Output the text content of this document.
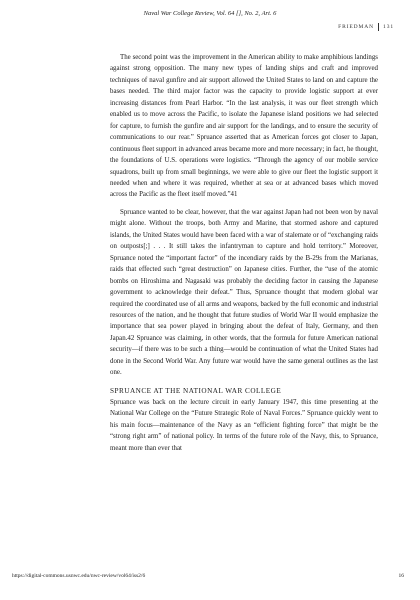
Naval War College Review, Vol. 64 [], No. 2, Art. 6
FRIEDMAN 131

The second point was the improvement in the American ability to make amphibious landings against strong opposition. The many new types of landing ships and craft and improved techniques of naval gunfire and air support allowed the United States to land on and capture the bases needed. The third major factor was the capacity to provide logistic support at ever increasing distances from Pearl Harbor. “In the last analysis, it was our fleet strength which enabled us to move across the Pacific, to isolate the Japanese island positions we had selected for capture, to furnish the gunfire and air support for the landings, and to ensure the security of communications to our rear.” Spruance asserted that as American forces got closer to Japan, continuous fleet support in advanced areas became more and more necessary; in fact, he thought, the foundations of U.S. operations were logistics. “Through the agency of our mobile service squadrons, built up from small beginnings, we were able to give our fleet the logistic support it needed when and where it was required, whether at sea or at advanced bases which moved across the Pacific as the fleet itself moved.”41

Spruance wanted to be clear, however, that the war against Japan had not been won by naval might alone. Without the troops, both Army and Marine, that stormed ashore and captured islands, the United States would have been faced with a war of stalemate or of “exchanging raids on outposts[;] . . . It still takes the infantryman to capture and hold territory.” Moreover, Spruance noted the “important factor” of the incendiary raids by the B-29s from the Marianas, raids that effected such “great destruction” on Japanese cities. Further, the “use of the atomic bombs on Hiroshima and Nagasaki was probably the deciding factor in causing the Japanese government to acknowledge their defeat.” Thus, Spruance thought that modern global war required the coordinated use of all arms and weapons, backed by the full economic and industrial resources of the nation, and he thought that future studies of World War II would emphasize the importance that sea power played in bringing about the defeat of Italy, Germany, and then Japan.42 Spruance was claiming, in other words, that the formula for future American national security—if there was to be such a thing—would be continuation of what the United States had done in the Second World War. Any future war would have the same general outlines as the last one.

SPRUANCE AT THE NATIONAL WAR COLLEGE

Spruance was back on the lecture circuit in early January 1947, this time presenting at the National War College on the “Future Strategic Role of Naval Forces.” Spruance quickly went to his main focus—maintenance of the Navy as an “efficient fighting force” that might be the “strong right arm” of national policy. In terms of the future role of the Navy, this, to Spruance, meant more than ever that

https://digital-commons.usnwc.edu/nwc-review/vol64/iss2/6	16
